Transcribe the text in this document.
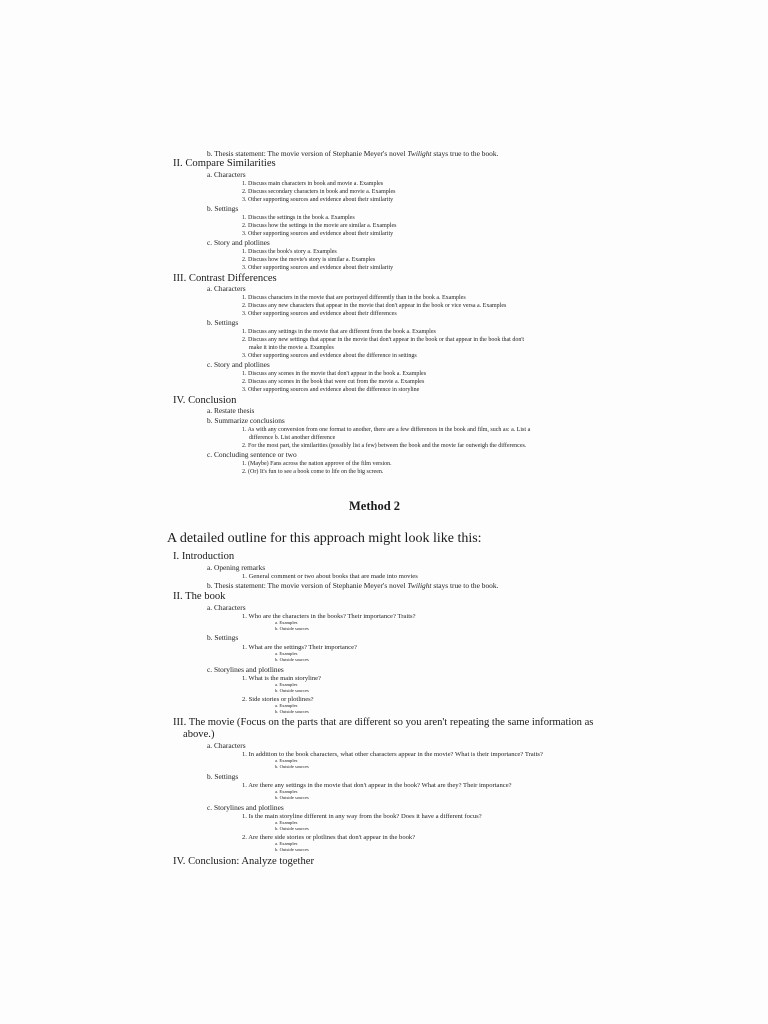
b. Thesis statement: The movie version of Stephanie Meyer's novel Twilight stays true to the book.
II. Compare Similarities
a. Characters
1. Discuss main characters in book and movie a. Examples
2. Discuss secondary characters in book and movie a. Examples
3. Other supporting sources and evidence about their similarity
b. Settings
1. Discuss the settings in the book a. Examples
2. Discuss how the settings in the movie are similar a. Examples
3. Other supporting sources and evidence about their similarity
c. Story and plotlines
1. Discuss the book's story a. Examples
2. Discuss how the movie's story is similar a. Examples
3. Other supporting sources and evidence about their similarity
III. Contrast Differences
a. Characters
1. Discuss characters in the movie that are portrayed differently than in the book a. Examples
2. Discuss any new characters that appear in the movie that don't appear in the book or vice versa a. Examples
3. Other supporting sources and evidence about their differences
b. Settings
1. Discuss any settings in the movie that are different from the book a. Examples
2. Discuss any new settings that appear in the movie that don't appear in the book or that appear in the book that don't
make it into the movie a. Examples
3. Other supporting sources and evidence about the difference in settings
c. Story and plotlines
1. Discuss any scenes in the movie that don't appear in the book a. Examples
2. Discuss any scenes in the book that were cut from the movie a. Examples
3. Other supporting sources and evidence about the difference in storyline
IV. Conclusion
a. Restate thesis
b. Summarize conclusions
1. As with any conversion from one format to another, there are a few differences in the book and film, such as: a. List a
difference b. List another difference
2. For the most part, the similarities (possibly list a few) between the book and the movie far outweigh the differences.
c. Concluding sentence or two
1. (Maybe) Fans across the nation approve of the film version.
2. (Or) It's fun to see a book come to life on the big screen.
Method 2
A detailed outline for this approach might look like this:
I. Introduction
a. Opening remarks
1. General comment or two about books that are made into movies
b. Thesis statement: The movie version of Stephanie Meyer's novel Twilight stays true to the book.
II. The book
a. Characters
1. Who are the characters in the books? Their importance? Traits?
a. Examples
b. Outside sources
b. Settings
1. What are the settings? Their importance?
a. Examples
b. Outside sources
c. Storylines and plotlines
1. What is the main storyline?
a. Examples
b. Outside sources
2. Side stories or plotlines?
a. Examples
b. Outside sources
III. The movie (Focus on the parts that are different so you aren't repeating the same information as
above.)
a. Characters
1. In addition to the book characters, what other characters appear in the movie? What is their importance? Traits?
a. Examples
b. Outside sources
b. Settings
1. Are there any settings in the movie that don't appear in the book? What are they? Their importance?
a. Examples
b. Outside sources
c. Storylines and plotlines
1. Is the main storyline different in any way from the book? Does it have a different focus?
a. Examples
b. Outside sources
2. Are there side stories or plotlines that don't appear in the book?
a. Examples
b. Outside sources
IV. Conclusion: Analyze together
